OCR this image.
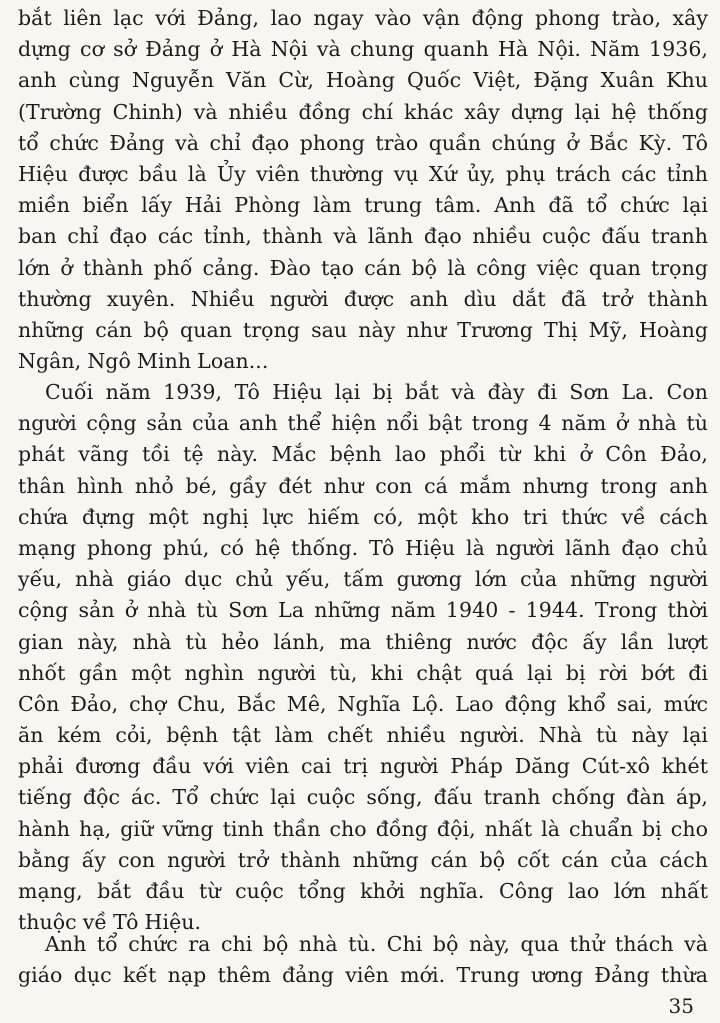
bắt liên lạc với Đảng, lao ngay vào vận động phong trào, xây
dựng cơ sở Đảng ở Hà Nội và chung quanh Hà Nội. Năm 1936,
anh cùng Nguyễn Văn Cừ, Hoàng Quốc Việt, Đặng Xuân Khu
(Trường Chinh) và nhiều đồng chí khác xây dựng lại hệ thống
tổ chức Đảng và chỉ đạo phong trào quần chúng ở Bắc Kỳ. Tô
Hiệu được bầu là Ủy viên thường vụ Xứ ủy, phụ trách các tỉnh
miền biển lấy Hải Phòng làm trung tâm. Anh đã tổ chức lại
ban chỉ đạo các tỉnh, thành và lãnh đạo nhiều cuộc đấu tranh
lớn ở thành phố cảng. Đào tạo cán bộ là công việc quan trọng
thường xuyên. Nhiều người được anh dìu dắt đã trở thành
những cán bộ quan trọng sau này như Trương Thị Mỹ, Hoàng
Ngân, Ngô Minh Loan...
Cuối năm 1939, Tô Hiệu lại bị bắt và đày đi Sơn La. Con
người cộng sản của anh thể hiện nổi bật trong 4 năm ở nhà tù
phát vãng tồi tệ này. Mắc bệnh lao phổi từ khi ở Côn Đảo,
thân hình nhỏ bé, gầy đét như con cá mắm nhưng trong anh
chứa đựng một nghị lực hiếm có, một kho tri thức về cách
mạng phong phú, có hệ thống. Tô Hiệu là người lãnh đạo chủ
yếu, nhà giáo dục chủ yếu, tấm gương lớn của những người
cộng sản ở nhà tù Sơn La những năm 1940 - 1944. Trong thời
gian này, nhà tù hẻo lánh, ma thiêng nước độc ấy lần lượt
nhốt gần một nghìn người tù, khi chật quá lại bị rời bớt đi
Côn Đảo, chợ Chu, Bắc Mê, Nghĩa Lộ. Lao động khổ sai, mức
ăn kém cỏi, bệnh tật làm chết nhiều người. Nhà tù này lại
phải đương đầu với viên cai trị người Pháp Dăng Cút-xô khét
tiếng độc ác. Tổ chức lại cuộc sống, đấu tranh chống đàn áp,
hành hạ, giữ vững tinh thần cho đồng đội, nhất là chuẩn bị cho
bằng ấy con người trở thành những cán bộ cốt cán của cách
mạng, bắt đầu từ cuộc tổng khởi nghĩa. Công lao lớn nhất
thuộc về Tô Hiệu.
Anh tổ chức ra chi bộ nhà tù. Chi bộ này, qua thử thách và
giáo dục kết nạp thêm đảng viên mới. Trung ương Đảng thừa
35
